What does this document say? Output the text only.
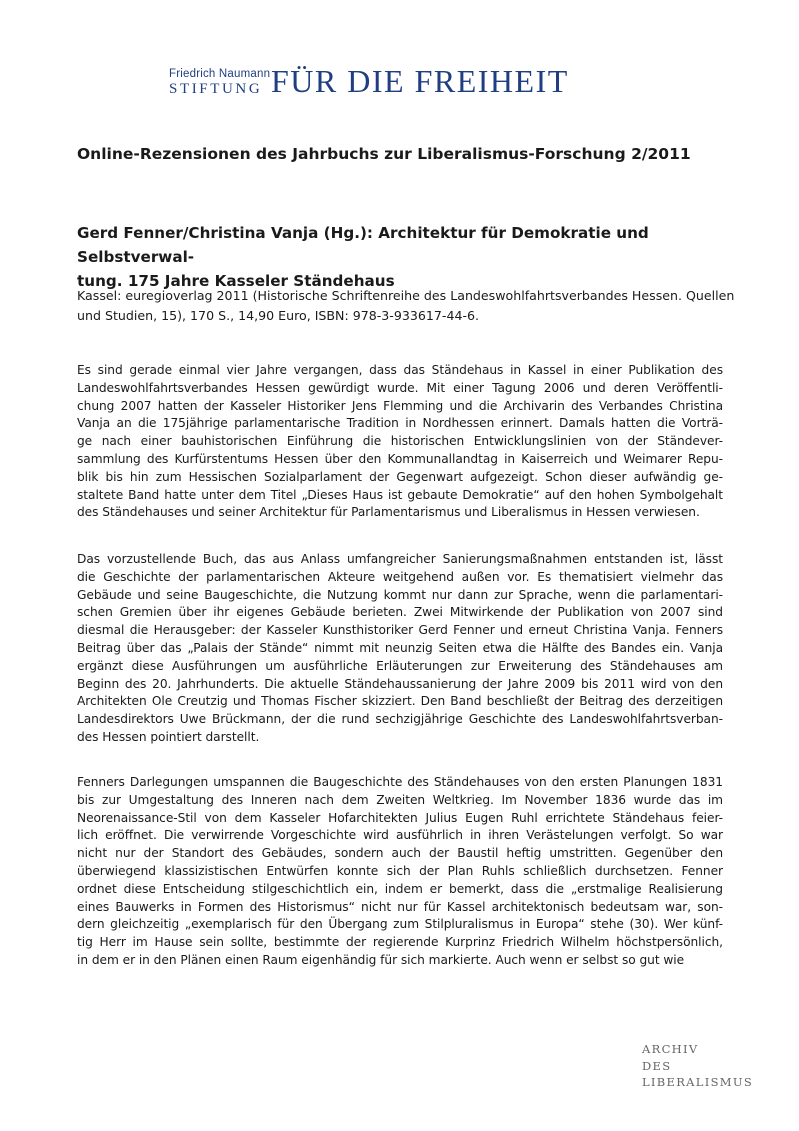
Friedrich Naumann
STIFTUNG FÜR DIE FREIHEIT
Online-Rezensionen des Jahrbuchs zur Liberalismus-Forschung 2/2011
Gerd Fenner/Christina Vanja (Hg.): Architektur für Demokratie und Selbstverwal-
tung. 175 Jahre Kasseler Ständehaus
Kassel: euregioverlag 2011 (Historische Schriftenreihe des Landeswohlfahrtsverbandes Hessen. Quellen
und Studien, 15), 170 S., 14,90 Euro, ISBN: 978-3-933617-44-6.
Es sind gerade einmal vier Jahre vergangen, dass das Ständehaus in Kassel in einer Publikation des
Landeswohlfahrtsverbandes Hessen gewürdigt wurde. Mit einer Tagung 2006 und deren Veröffentli-
chung 2007 hatten der Kasseler Historiker Jens Flemming und die Archivarin des Verbandes Christina
Vanja an die 175jährige parlamentarische Tradition in Nordhessen erinnert. Damals hatten die Vorträ-
ge nach einer bauhistorischen Einführung die historischen Entwicklungslinien von der Ständever-
sammlung des Kurfürstentums Hessen über den Kommunallandtag in Kaiserreich und Weimarer Repu-
blik bis hin zum Hessischen Sozialparlament der Gegenwart aufgezeigt. Schon dieser aufwändig ge-
staltete Band hatte unter dem Titel „Dieses Haus ist gebaute Demokratie“ auf den hohen Symbolgehalt
des Ständehauses und seiner Architektur für Parlamentarismus und Liberalismus in Hessen verwiesen.
Das vorzustellende Buch, das aus Anlass umfangreicher Sanierungsmaßnahmen entstanden ist, lässt
die Geschichte der parlamentarischen Akteure weitgehend außen vor. Es thematisiert vielmehr das
Gebäude und seine Baugeschichte, die Nutzung kommt nur dann zur Sprache, wenn die parlamentari-
schen Gremien über ihr eigenes Gebäude berieten. Zwei Mitwirkende der Publikation von 2007 sind
diesmal die Herausgeber: der Kasseler Kunsthistoriker Gerd Fenner und erneut Christina Vanja. Fenners
Beitrag über das „Palais der Stände“ nimmt mit neunzig Seiten etwa die Hälfte des Bandes ein. Vanja
ergänzt diese Ausführungen um ausführliche Erläuterungen zur Erweiterung des Ständehauses am
Beginn des 20. Jahrhunderts. Die aktuelle Ständehaussanierung der Jahre 2009 bis 2011 wird von den
Architekten Ole Creutzig und Thomas Fischer skizziert. Den Band beschließt der Beitrag des derzeitigen
Landesdirektors Uwe Brückmann, der die rund sechzigjährige Geschichte des Landeswohlfahrtsverban-
des Hessen pointiert darstellt.
Fenners Darlegungen umspannen die Baugeschichte des Ständehauses von den ersten Planungen 1831
bis zur Umgestaltung des Inneren nach dem Zweiten Weltkrieg. Im November 1836 wurde das im
Neorenaissance-Stil von dem Kasseler Hofarchitekten Julius Eugen Ruhl errichtete Ständehaus feier-
lich eröffnet. Die verwirrende Vorgeschichte wird ausführlich in ihren Verästelungen verfolgt. So war
nicht nur der Standort des Gebäudes, sondern auch der Baustil heftig umstritten. Gegenüber den
überwiegend klassizistischen Entwürfen konnte sich der Plan Ruhls schließlich durchsetzen. Fenner
ordnet diese Entscheidung stilgeschichtlich ein, indem er bemerkt, dass die „erstmalige Realisierung
eines Bauwerks in Formen des Historismus“ nicht nur für Kassel architektonisch bedeutsam war, son-
dern gleichzeitig „exemplarisch für den Übergang zum Stilpluralismus in Europa“ stehe (30). Wer künf-
tig Herr im Hause sein sollte, bestimmte der regierende Kurprinz Friedrich Wilhelm höchstpersönlich,
in dem er in den Plänen einen Raum eigenhändig für sich markierte. Auch wenn er selbst so gut wie
ARCHIV
DES
LIBERALISMUS
